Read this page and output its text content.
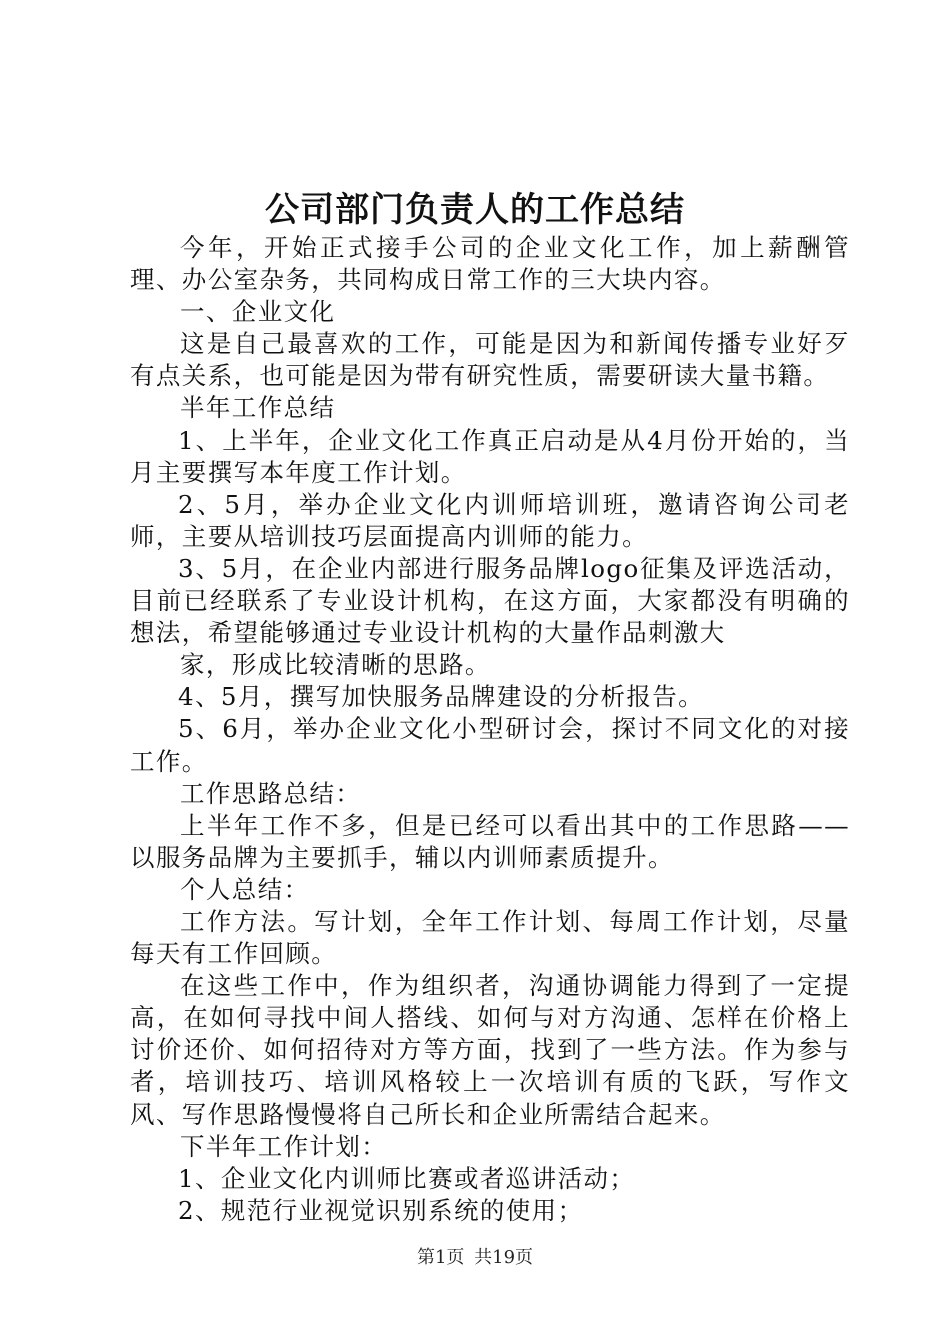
公司部门负责人的工作总结

今年，开始正式接手公司的企业文化工作，加上薪酬管理、办公室杂务，共同构成日常工作的三大块内容。

一、企业文化

这是自己最喜欢的工作，可能是因为和新闻传播专业好歹有点关系，也可能是因为带有研究性质，需要研读大量书籍。

半年工作总结

1、上半年，企业文化工作真正启动是从4月份开始的，当月主要撰写本年度工作计划。

2、5月，举办企业文化内训师培训班，邀请咨询公司老师，主要从培训技巧层面提高内训师的能力。

3、5月，在企业内部进行服务品牌logo征集及评选活动，目前已经联系了专业设计机构，在这方面，大家都没有明确的想法，希望能够通过专业设计机构的大量作品刺激大

家，形成比较清晰的思路。

4、5月，撰写加快服务品牌建设的分析报告。

5、6月，举办企业文化小型研讨会，探讨不同文化的对接工作。

工作思路总结：

上半年工作不多，但是已经可以看出其中的工作思路——以服务品牌为主要抓手，辅以内训师素质提升。

个人总结：

工作方法。写计划，全年工作计划、每周工作计划，尽量每天有工作回顾。

在这些工作中，作为组织者，沟通协调能力得到了一定提高，在如何寻找中间人搭线、如何与对方沟通、怎样在价格上讨价还价、如何招待对方等方面，找到了一些方法。作为参与者，培训技巧、培训风格较上一次培训有质的飞跃，写作文风、写作思路慢慢将自己所长和企业所需结合起来。

下半年工作计划：

1、企业文化内训师比赛或者巡讲活动；

2、规范行业视觉识别系统的使用；

第1页 共19页
